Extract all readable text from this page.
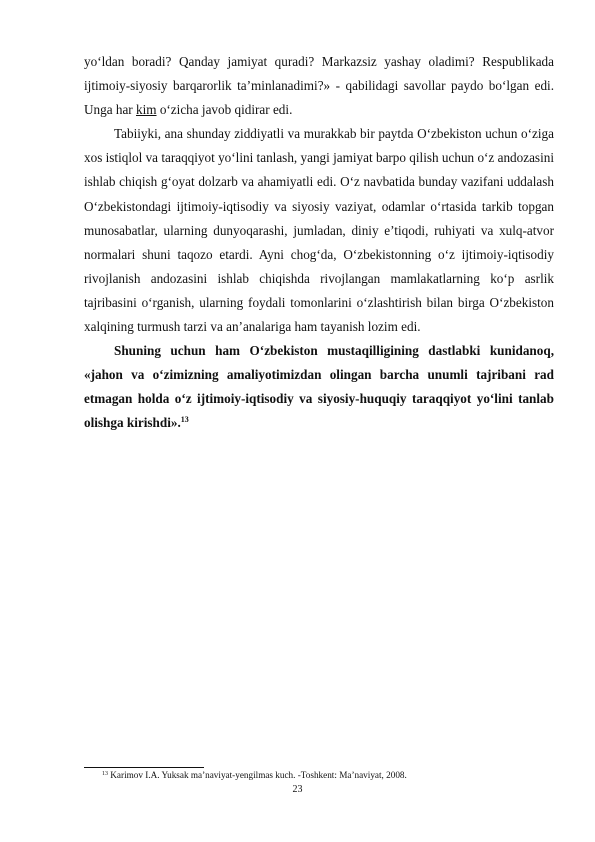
yo‘ldan boradi? Qanday jamiyat quradi? Markazsiz yashay oladimi? Respublikada ijtimoiy-siyosiy barqarorlik ta’minlanadimi?» - qabilidagi savollar paydo bo‘lgan edi. Unga har kim o‘zicha javob qidirar edi.

Tabiiyki, ana shunday ziddiyatli va murakkab bir paytda O‘zbekiston uchun o‘ziga xos istiqlol va taraqqiyot yo‘lini tanlash, yangi jamiyat barpo qilish uchun o‘z andozasini ishlab chiqish g‘oyat dolzarb va ahamiyatli edi. O‘z navbatida bunday vazifani uddalash O‘zbekistondagi ijtimoiy-iqtisodiy va siyosiy vaziyat, odamlar o‘rtasida tarkib topgan munosabatlar, ularning dunyoqarashi, jumladan, diniy e’tiqodi, ruhiyati va xulq-atvor normalari shuni taqozo etardi. Ayni chog‘da, O‘zbekistonning o‘z ijtimoiy-iqtisodiy rivojlanish andozasini ishlab chiqishda rivojlangan mamlakatlarning ko‘p asrlik tajribasini o‘rganish, ularning foydali tomonlarini o‘zlashtirish bilan birga O‘zbekiston xalqining turmush tarzi va an’analariga ham tayanish lozim edi.

Shuning uchun ham O‘zbekiston mustaqilligining dastlabki kunidanoq, «jahon va o‘zimizning amaliyotimizdan olingan barcha unumli tajribani rad etmagan holda o‘z ijtimoiy-iqtisodiy va siyosiy-huquqiy taraqqiyot yo‘lini tanlab olishga kirishdi».$^{13}$

$^{13}$ Karimov I.A. Yuksak ma’naviyat-yengilmas kuch. -Toshkent: Ma’naviyat, 2008.

23
